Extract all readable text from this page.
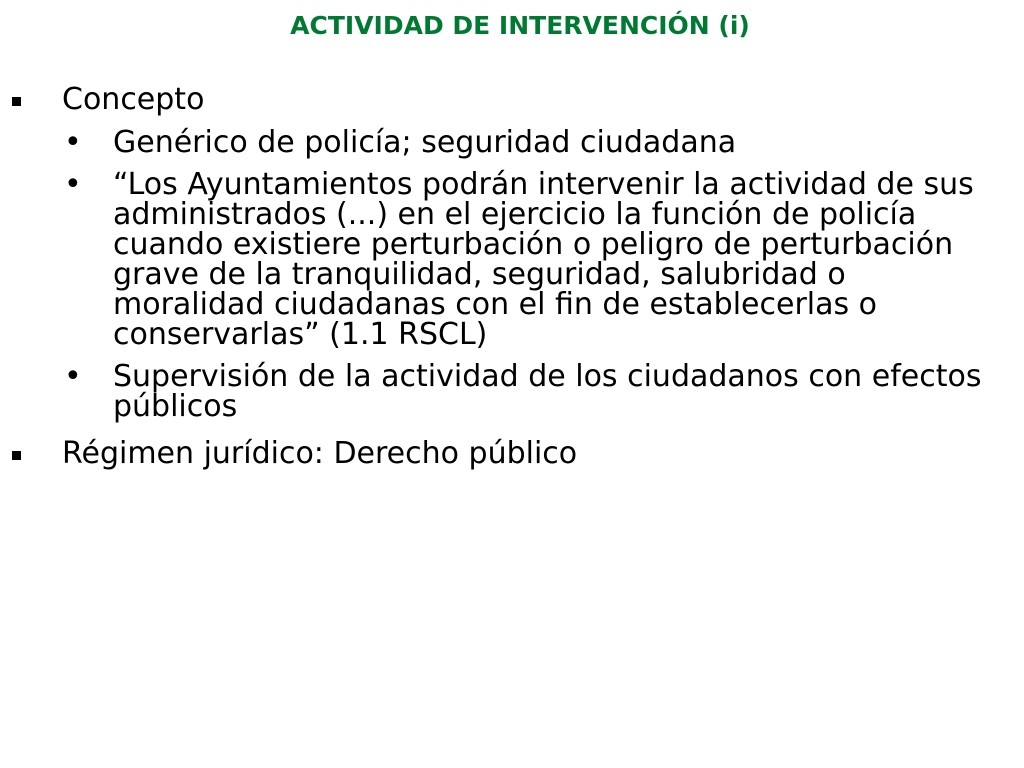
ACTIVIDAD DE INTERVENCIÓN (i)
Concepto
• Genérico de policía; seguridad ciudadana
• “Los Ayuntamientos podrán intervenir la actividad de sus administrados (...) en el ejercicio la función de policía cuando existiere perturbación o peligro de perturbación grave de la tranquilidad, seguridad, salubridad o moralidad ciudadanas con el fin de establecerlas o conservarlas” (1.1 RSCL)
• Supervisión de la actividad de los ciudadanos con efectos públicos
Régimen jurídico: Derecho público
